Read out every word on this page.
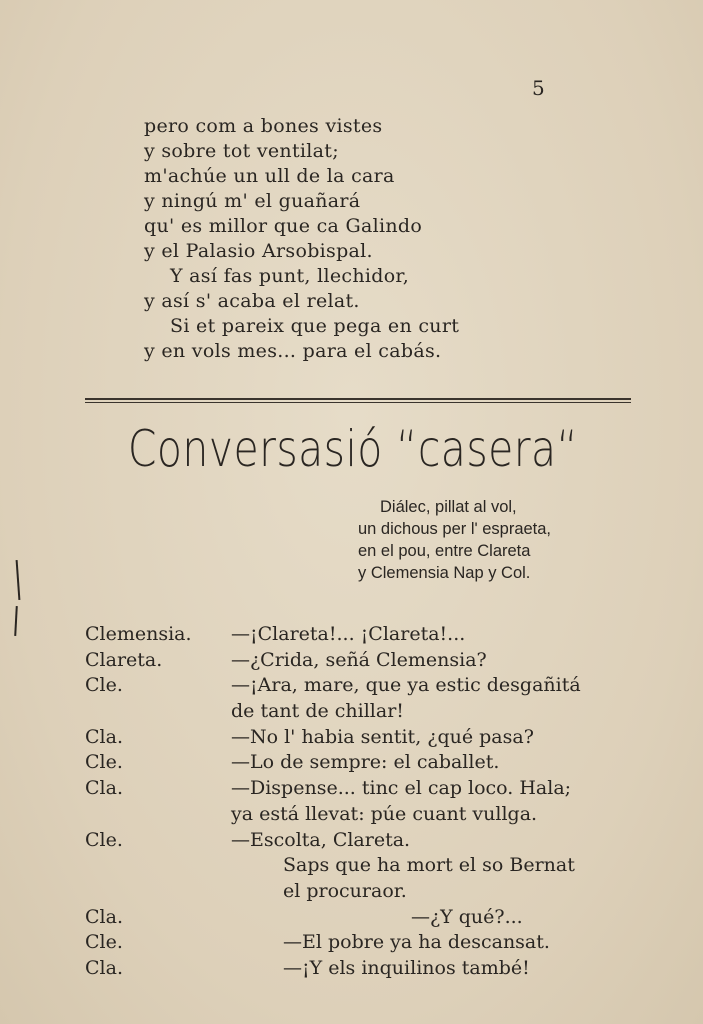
5
pero com a bones vistes
y sobre tot ventilat;
m'achúe un ull de la cara
y ningú m' el guañará
qu' es millor que ca Galindo
y el Palasio Arsobispal.
Y así fas punt, llechidor,
y así s' acaba el relat.
Si et pareix que pega en curt
y en vols mes... para el cabás.
Conversasió “casera“
Diálec, pillat al vol,
un dichous per l' espraeta,
en el pou, entre Clareta
y Clemensia Nap y Col.
Clemensia. —¡Clareta!... ¡Clareta!...
Clareta.	—¿Crida, señá Clemensia?
Cle.	—¡Ara, mare, que ya estic desgañitá
de tant de chillar!
Cla.	—No l' habia sentit, ¿qué pasa?
Cle.	—Lo de sempre: el caballet.
Cla.	—Dispense... tinc el cap loco. Hala;
ya está llevat: púe cuant vullga.
Cle.	—Escolta, Clareta.
Saps que ha mort el so Bernat
el procuraor.
Cla.	—¿Y qué?...
Cle.	—El pobre ya ha descansat.
Cla.	—¡Y els inquilinos també!
